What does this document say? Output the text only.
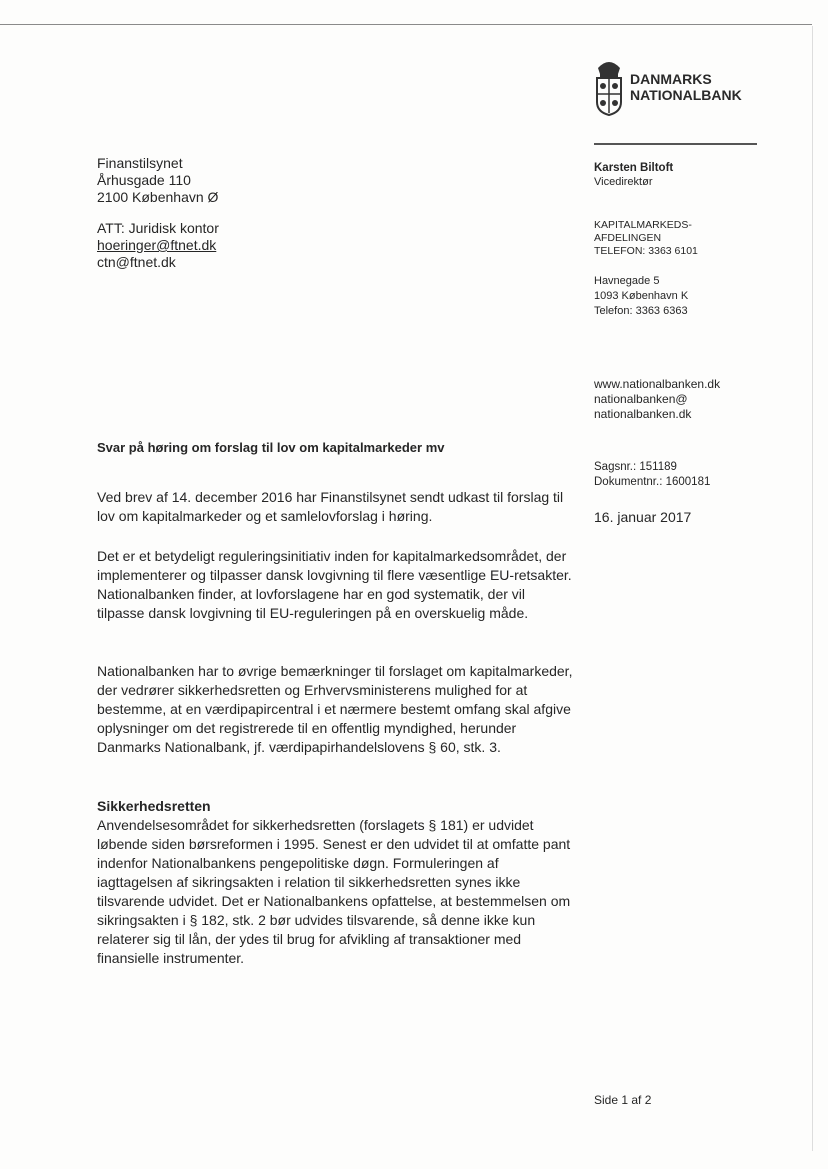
DANMARKS
NATIONALBANK
Finanstilsynet
Århusgade 110
2100 København Ø
ATT: Juridisk kontor
hoeringer@ftnet.dk
ctn@ftnet.dk
Karsten Biltoft
Vicedirektør
KAPITALMARKEDS-
AFDELINGEN
TELEFON: 3363 6101
Havnegade 5
1093 København K
Telefon: 3363 6363
www.nationalbanken.dk
nationalbanken@
nationalbanken.dk
Sagsnr.: 151189
Dokumentnr.: 1600181
16. januar 2017
Svar på høring om forslag til lov om kapitalmarkeder mv

Ved brev af 14. december 2016 har Finanstilsynet sendt udkast til forslag til lov om kapitalmarkeder og et samlelovforslag i høring.

Det er et betydeligt reguleringsinitiativ inden for kapitalmarkedsområdet, der implementerer og tilpasser dansk lovgivning til flere væsentlige EU-retsakter. Nationalbanken finder, at lovforslagene har en god systematik, der vil tilpasse dansk lovgivning til EU-reguleringen på en overskuelig måde.

Nationalbanken har to øvrige bemærkninger til forslaget om kapitalmarkeder, der vedrører sikkerhedsretten og Erhvervsministerens mulighed for at bestemme, at en værdipapircentral i et nærmere bestemt omfang skal afgive oplysninger om det registrerede til en offentlig myndighed, herunder Danmarks Nationalbank, jf. værdipapirhandelslovens § 60, stk. 3.

Sikkerhedsretten

Anvendelsesområdet for sikkerhedsretten (forslagets § 181) er udvidet løbende siden børsreformen i 1995. Senest er den udvidet til at omfatte pant indenfor Nationalbankens pengepolitiske døgn. Formuleringen af iagttagelsen af sikringsakten i relation til sikkerhedsretten synes ikke tilsvarende udvidet. Det er Nationalbankens opfattelse, at bestemmelsen om sikringsakten i § 182, stk. 2 bør udvides tilsvarende, så denne ikke kun relaterer sig til lån, der ydes til brug for afvikling af transaktioner med finansielle instrumenter.

Side 1 af 2
